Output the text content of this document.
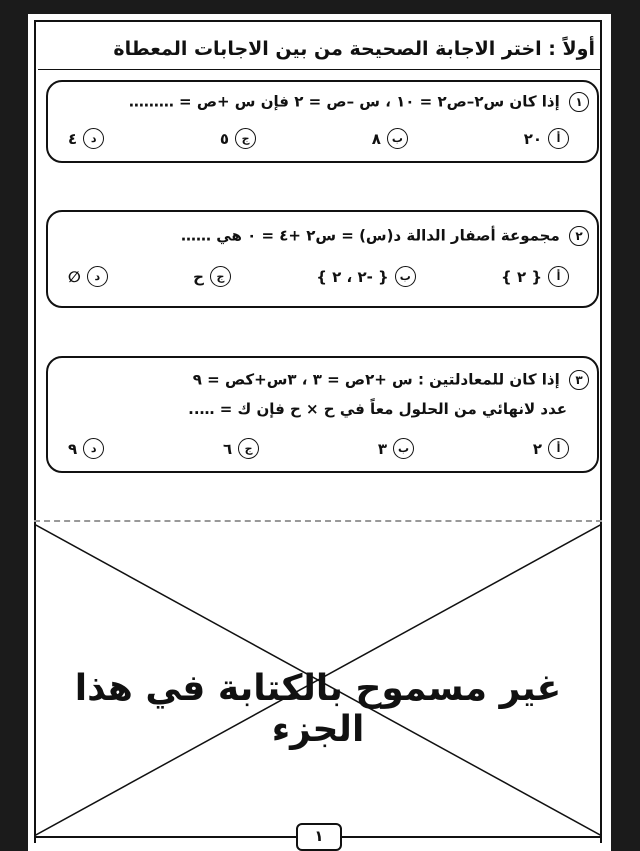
أولاً : اختر الاجابة الصحيحة من بين الاجابات المعطاة
١ إذا كان س٢–ص٢ = ١٠ ، س –ص = ٢ فإن س +ص = ………
أ
٢٠
ب
٨
ج
٥
د
٤
٢ مجموعة أصفار الدالة د(س) = س٢ +٤ = ٠ هي ……
أ
{ ٢ }
ب
{ -٢ ، ٢ }
ج
ح
د
∅
٣ إذا كان للمعادلتين : س +٢ص = ٣ ، ٣س+كص = ٩
عدد لانهائي من الحلول معاً في ح × ح فإن ك = …..
أ
٢
ب
٣
ج
٦
د
٩
غير مسموح بالكتابة في هذا الجزء
١
